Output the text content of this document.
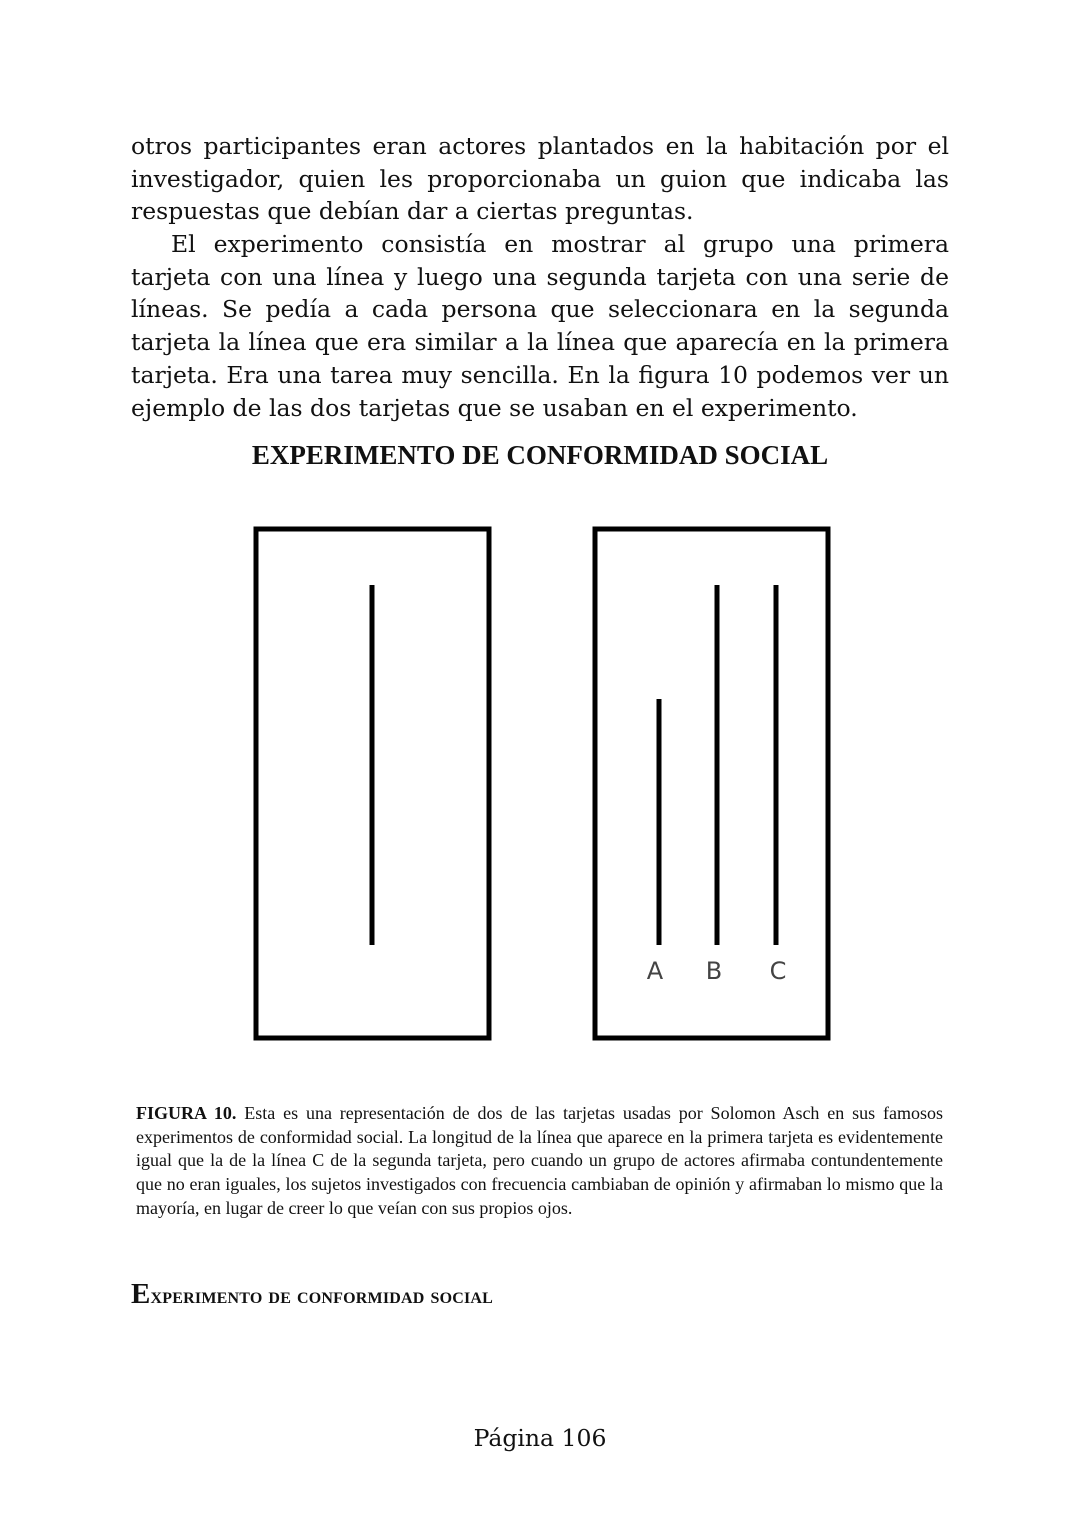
otros participantes eran actores plantados en la habitación por el investigador, quien les proporcionaba un guion que indicaba las respuestas que debían dar a ciertas preguntas.

El experimento consistía en mostrar al grupo una primera tarjeta con una línea y luego una segunda tarjeta con una serie de líneas. Se pedía a cada persona que seleccionara en la segunda tarjeta la línea que era similar a la línea que aparecía en la primera tarjeta. Era una tarea muy sencilla. En la figura 10 podemos ver un ejemplo de las dos tarjetas que se usaban en el experimento.

EXPERIMENTO DE CONFORMIDAD SOCIAL
A B C

FIGURA 10. Esta es una representación de dos de las tarjetas usadas por Solomon Asch en sus famosos experimentos de conformidad social. La longitud de la línea que aparece en la primera tarjeta es evidentemente igual que la de la línea C de la segunda tarjeta, pero cuando un grupo de actores afirmaba contundentemente que no eran iguales, los sujetos investigados con frecuencia cambiaban de opinión y afirmaban lo mismo que la mayoría, en lugar de creer lo que veían con sus propios ojos.

Experimento de conformidad social
Página 106
